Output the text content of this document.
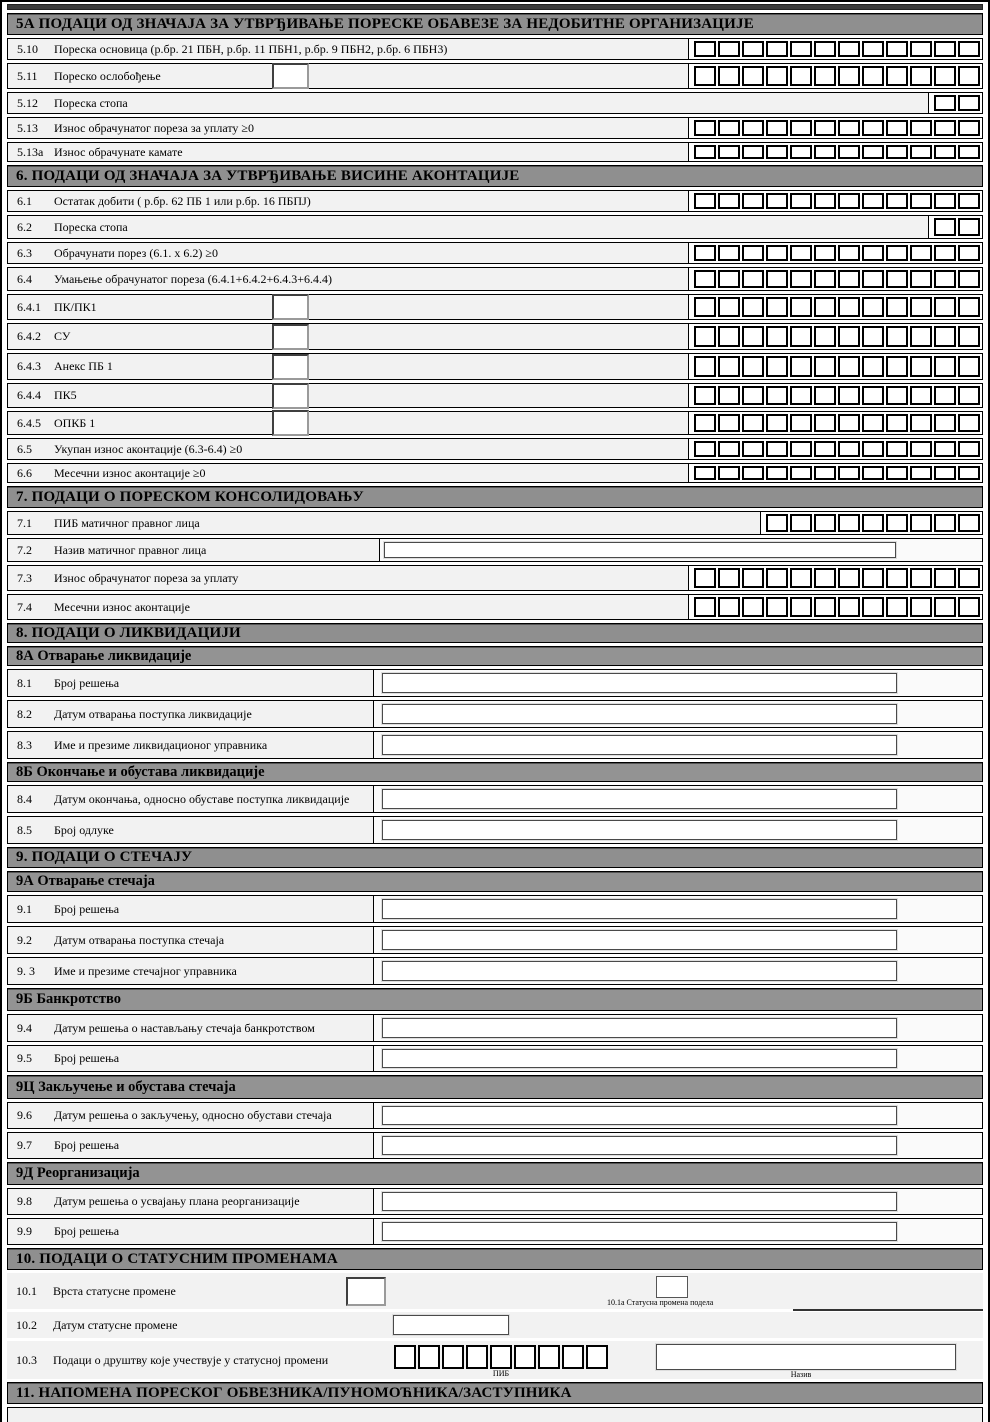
5А ПОДАЦИ ОД ЗНАЧАЈА ЗА УТВРЂИВАЊЕ ПОРЕСКЕ ОБАВЕЗЕ ЗА НЕДОБИТНЕ ОРГАНИЗАЦИЈЕ
5.10	Пореска основица (р.бр. 21 ПБН, р.бр. 11 ПБН1, р.бр. 9 ПБН2, р.бр. 6 ПБН3)
5.11	Пореско ослобођење
5.12	Пореска стопа
5.13	Износ обрачунатог пореза за уплату ≥0
5.13а Износ обрачунате камате
6. ПОДАЦИ ОД ЗНАЧАЈА ЗА УТВРЂИВАЊЕ ВИСИНЕ АКОНТАЦИЈЕ
6.1	Остатак добити ( р.бр. 62 ПБ 1 или р.бр. 16 ПБПЈ)
6.2	Пореска стопа
6.3	Обрачунати порез (6.1. x 6.2) ≥0
6.4	Умањење обрачунатог пореза (6.4.1+6.4.2+6.4.3+6.4.4)
6.4.1	ПК/ПК1
6.4.2	СУ
6.4.3	Анекс ПБ 1
6.4.4	ПК5
6.4.5	ОПКБ 1
6.5	Укупан износ аконтације (6.3-6.4) ≥0
6.6	Месечни износ аконтације ≥0
7. ПОДАЦИ О ПОРЕСКОМ КОНСОЛИДОВАЊУ
7.1	ПИБ матичног правног лица
7.2	Назив матичног правног лица
7.3	Износ обрачунатог пореза за уплату
7.4	Месечни износ аконтације
8. ПОДАЦИ О ЛИКВИДАЦИЈИ
8А Отварање ликвидације
8.1	Број решења
8.2	Датум отварања поступка ликвидације
8.3	Име и презиме ликвидационог управника
8Б Окончање и обустава ликвидације
8.4	Датум окончања, односно обуставе поступка ликвидације
8.5	Број одлуке
9. ПОДАЦИ О СТЕЧАЈУ
9А Отварање стечаја
9.1	Број решења
9.2	Датум отварања поступка стечаја
9. 3	Име и презиме стечајног управника
9Б Банкротство
9.4	Датум решења о настављању стечаја банкротством
9.5	Број решења
9Ц Закључење и обустава стечаја
9.6	Датум решења о закључењу, односно обустави стечаја
9.7	Број решења
9Д Реорганизација
9.8	Датум решења о усвајању плана реорганизације
9.9	Број решења
10. ПОДАЦИ О СТАТУСНИМ ПРОМЕНАМА
10.1	Врста статусне промене
10.1а Статусна промена подела
10.2	Датум статусне промене
10.3	Подаци о друштву које учествује у статусној промени
ПИБ	Назив
11. НАПОМЕНА ПОРЕСКОГ ОБВЕЗНИКА/ПУНОМОЋНИКА/ЗАСТУПНИКА
